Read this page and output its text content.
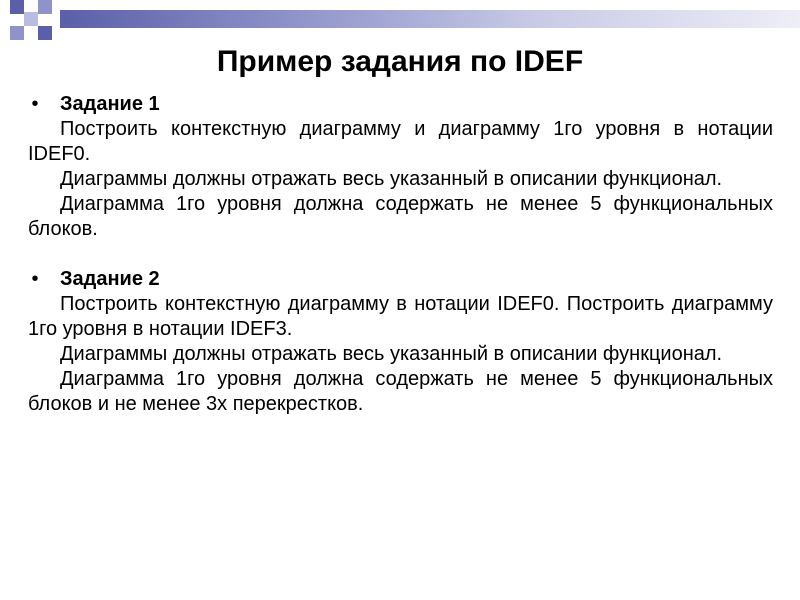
Пример задания по IDEF
• Задание 1

Построить контекстную диаграмму и диаграмму 1го уровня в нотации IDEF0.

Диаграммы должны отражать весь указанный в описании функционал.

Диаграмма 1го уровня должна содержать не менее 5 функциональных блоков.

• Задание 2

Построить контекстную диаграмму в нотации IDEF0. Построить диаграмму 1го уровня в нотации IDEF3.

Диаграммы должны отражать весь указанный в описании функционал.

Диаграмма 1го уровня должна содержать не менее 5 функциональных блоков и не менее 3х перекрестков.
